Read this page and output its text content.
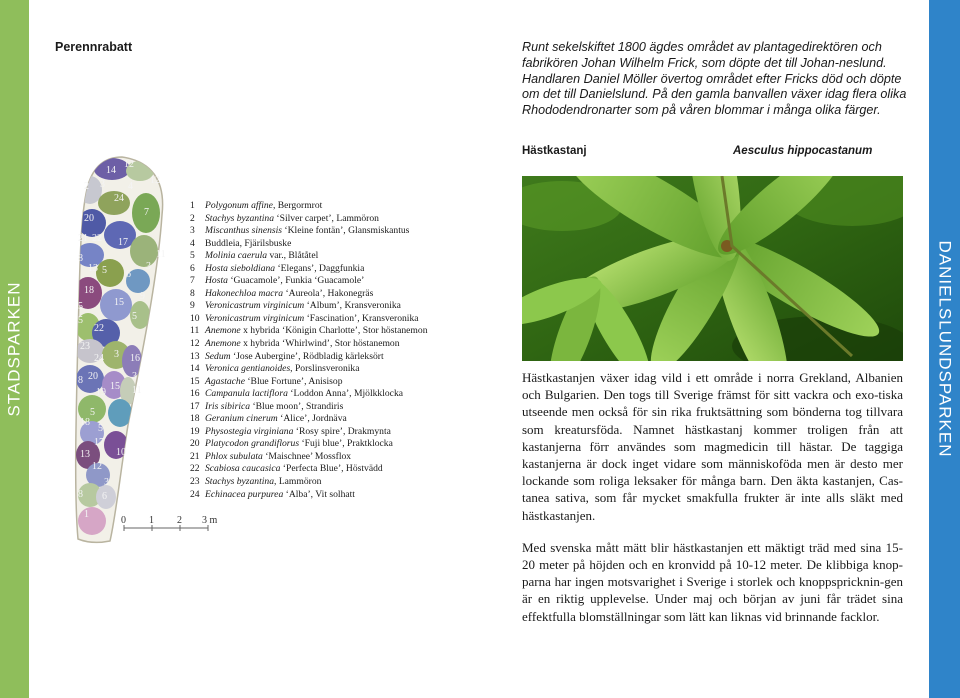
STADSPARKEN	DANIELSLUNDSPARKEN
Perennrabatt	Runt sekelskiftet 1800 ägdes området av plantagedirektören och fabrikören Johan Wilhelm Frick, som döpte det till Johan-neslund. Handlaren Daniel Möller övertog området efter Fricks död och döpte om det till Danielslund. På den gamla banvallen växer idag flera olika Rhododendronarter som på våren blommar i många olika färger.
Hästkastanj	Aesculus hippocastanum

Hästkastanjen växer idag vild i ett område i norra Grekland, Albanien och Bulgarien. Den togs till Sverige främst för sitt vackra och exo-tiska utseende men också för sin rika fruktsättning som bönderna tog tillvara som kreatursföda. Namnet hästkastanj kommer troligen från att kastanjerna förr användes som magmedicin till hästar. De taggiga kastanjerna är dock inget vidare som människoföda men är desto mer lockande som roliga leksaker för många barn. Den äkta kastanjen, Cas-tanea sativa, som får mycket smakfulla frukter är inte alls släkt med hästkastanjen.

Med svenska mått mätt blir hästkastanjen ett mäktigt träd med sina 15-20 meter på höjden och en kronvidd på 10-12 meter. De klibbiga knop-parna har ingen motsvarighet i Sverige i storlek och knoppspricknin-gen är en riktig upplevelse. Under maj och början av juni får trädet sina effektfulla blomställningar som lätt kan liknas vid brinnande facklor.

14
12
12
2 3 4
24
7
20
21 22 17
11
8
13 5 6
3
18
5	15
9
5
22
5
23
24 3 16
20
8
15 11
19
3
5
18
5
17
10
13
12
3
8 6
1
0 1 2 3 m
1	Polygonum affine, Bergormrot
2	Stachys byzantina ‘Silver carpet’, Lammöron
3	Miscanthus sinensis ‘Kleine fontän’, Glansmiskantus
4	Buddleia, Fjärilsbuske
5	Molinia caerula var., Blåtåtel
6	Hosta sieboldiana ‘Elegans’, Daggfunkia
7	Hosta ‘Guacamole’, Funkia ‘Guacamole’
8	Hakonechloa macra ‘Aureola’, Hakonegräs
9	Veronicastrum virginicum ‘Album’, Kransveronika
10 Veronicastrum virginicum ‘Fascination’, Kransveronika
11 Anemone x hybrida ‘Königin Charlotte’, Stor höstanemon
12 Anemone x hybrida ‘Whirlwind’, Stor höstanemon
13 Sedum ‘Jose Aubergine’, Rödbladig kärleksört
14 Veronica gentianoides, Porslinsveronika
15 Agastache ‘Blue Fortune’, Anisisop
16 Campanula lactiflora ‘Loddon Anna’, Mjölkklocka
17 Iris sibirica ‘Blue moon’, Strandiris
18 Geranium cinerum ‘Alice’, Jordnäva
19 Physostegia virginiana ‘Rosy spire’, Drakmynta
20 Platycodon grandiflorus ‘Fuji blue’, Praktklocka
21 Phlox subulata ‘Maischnee’ Mossflox
22 Scabiosa caucasica ‘Perfecta Blue’, Höstvädd
23 Stachys byzantina, Lammöron
24 Echinacea purpurea ‘Alba’, Vit solhatt
